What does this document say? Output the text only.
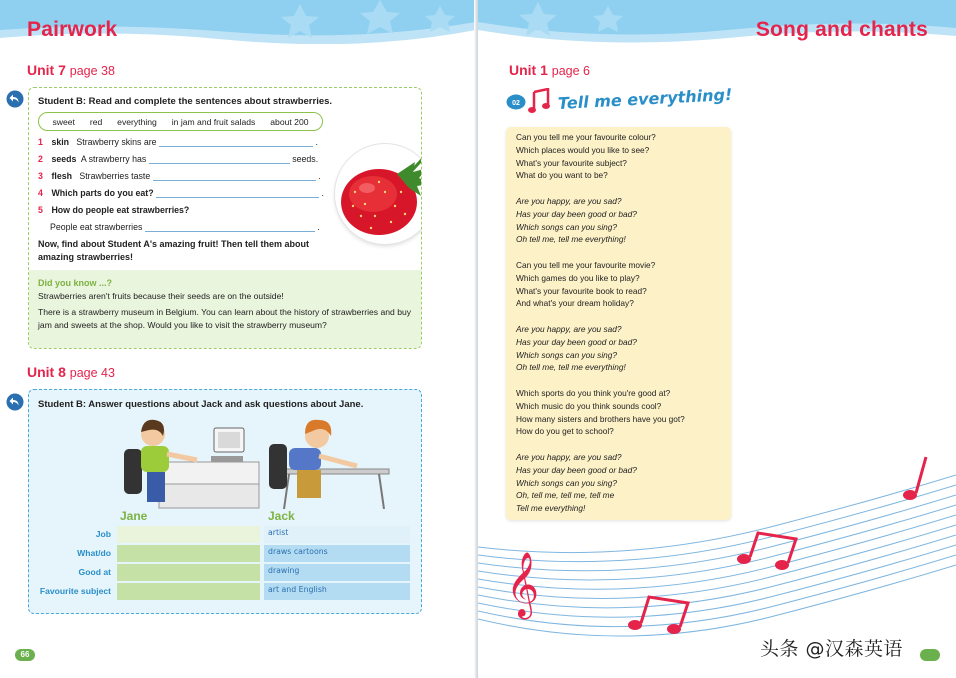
Pairwork
66
Unit 7 page 38
Student B: Read and complete the sentences about strawberries.
sweet red everything in jam and fruit salads about 200
1 skin Strawberry skins are	.
2 seeds A strawberry has	seeds.
3 flesh Strawberries taste	.
4 Which parts do you eat?	.
5 How do people eat strawberries?
People eat strawberries	.
Now, find about Student A's amazing fruit! Then tell them about amazing strawberries!
Did you know ...?
Strawberries aren't fruits because their seeds are on the outside!
There is a strawberry museum in Belgium. You can learn about the history of strawberries and buy jam and sweets at the shop. Would you like to visit the strawberry museum?
Unit 8 page 43
Student B: Answer questions about Jack and ask questions about Jane.
Jane	Jack
Job	artist
What/do	draws cartoons
Good at	drawing
Favourite subject	art and English
Song and chants
Unit 1 page 6
02 Tell me everything!
Can you tell me your favourite colour?
Which places would you like to see?
What's your favourite subject?
What do you want to be?
Are you happy, are you sad?
Has your day been good or bad?
Which songs can you sing?
Oh tell me, tell me everything!
Can you tell me your favourite movie?
Which games do you like to play?
What's your favourite book to read?
And what's your dream holiday?
Are you happy, are you sad?
Has your day been good or bad?
Which songs can you sing?
Oh tell me, tell me everything!
Which sports do you think you're good at?
Which music do you think sounds cool?
How many sisters and brothers have you got?
How do you get to school?
Are you happy, are you sad?
Has your day been good or bad?
Which songs can you sing?
Oh, tell me, tell me, tell me
Tell me everything!
𝄞
头条 @汉森英语
